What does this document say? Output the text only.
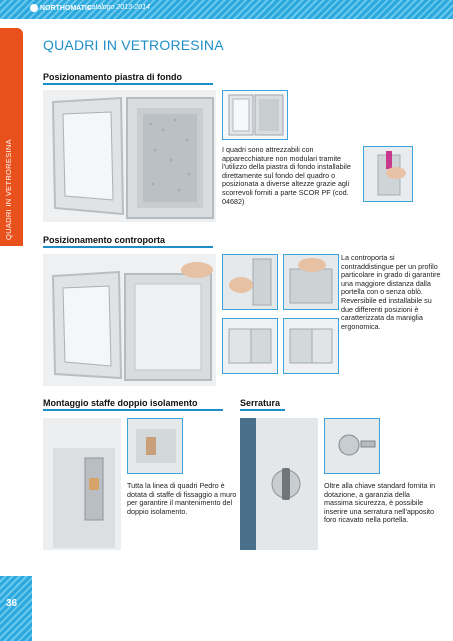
NORTHOMATIC
catalogo 2013-2014
QUADRI IN VETRORESINA
QUADRI IN VETRORESINA
Posizionamento piastra di fondo
I quadri sono attrezzabili con apparecchiature non modulari tramite l'utilizzo della piastra di fondo installabile direttamente sul fondo del quadro o posizionata a diverse altezze grazie agli scorrevoli forniti a parte SCOR PF (cod. 04682)
Posizionamento controporta
La controporta si contraddistingue per un profilo particolare in grado di garantire una maggiore distanza dalla portella con o senza oblò. Reversibile ed installabile su due differenti posizioni è caratterizzata da maniglia ergonomica.
Montaggio staffe doppio isolamento
Tutta la linea di quadri Pedro è dotata di staffe di fissaggio a muro per garantire il mantenimento del doppio isolamento.
Serratura
Oltre alla chiave standard fornita in dotazione, a garanzia della massima sicurezza, è possibile inserire una serratura nell'apposito foro ricavato nella portella.
36
